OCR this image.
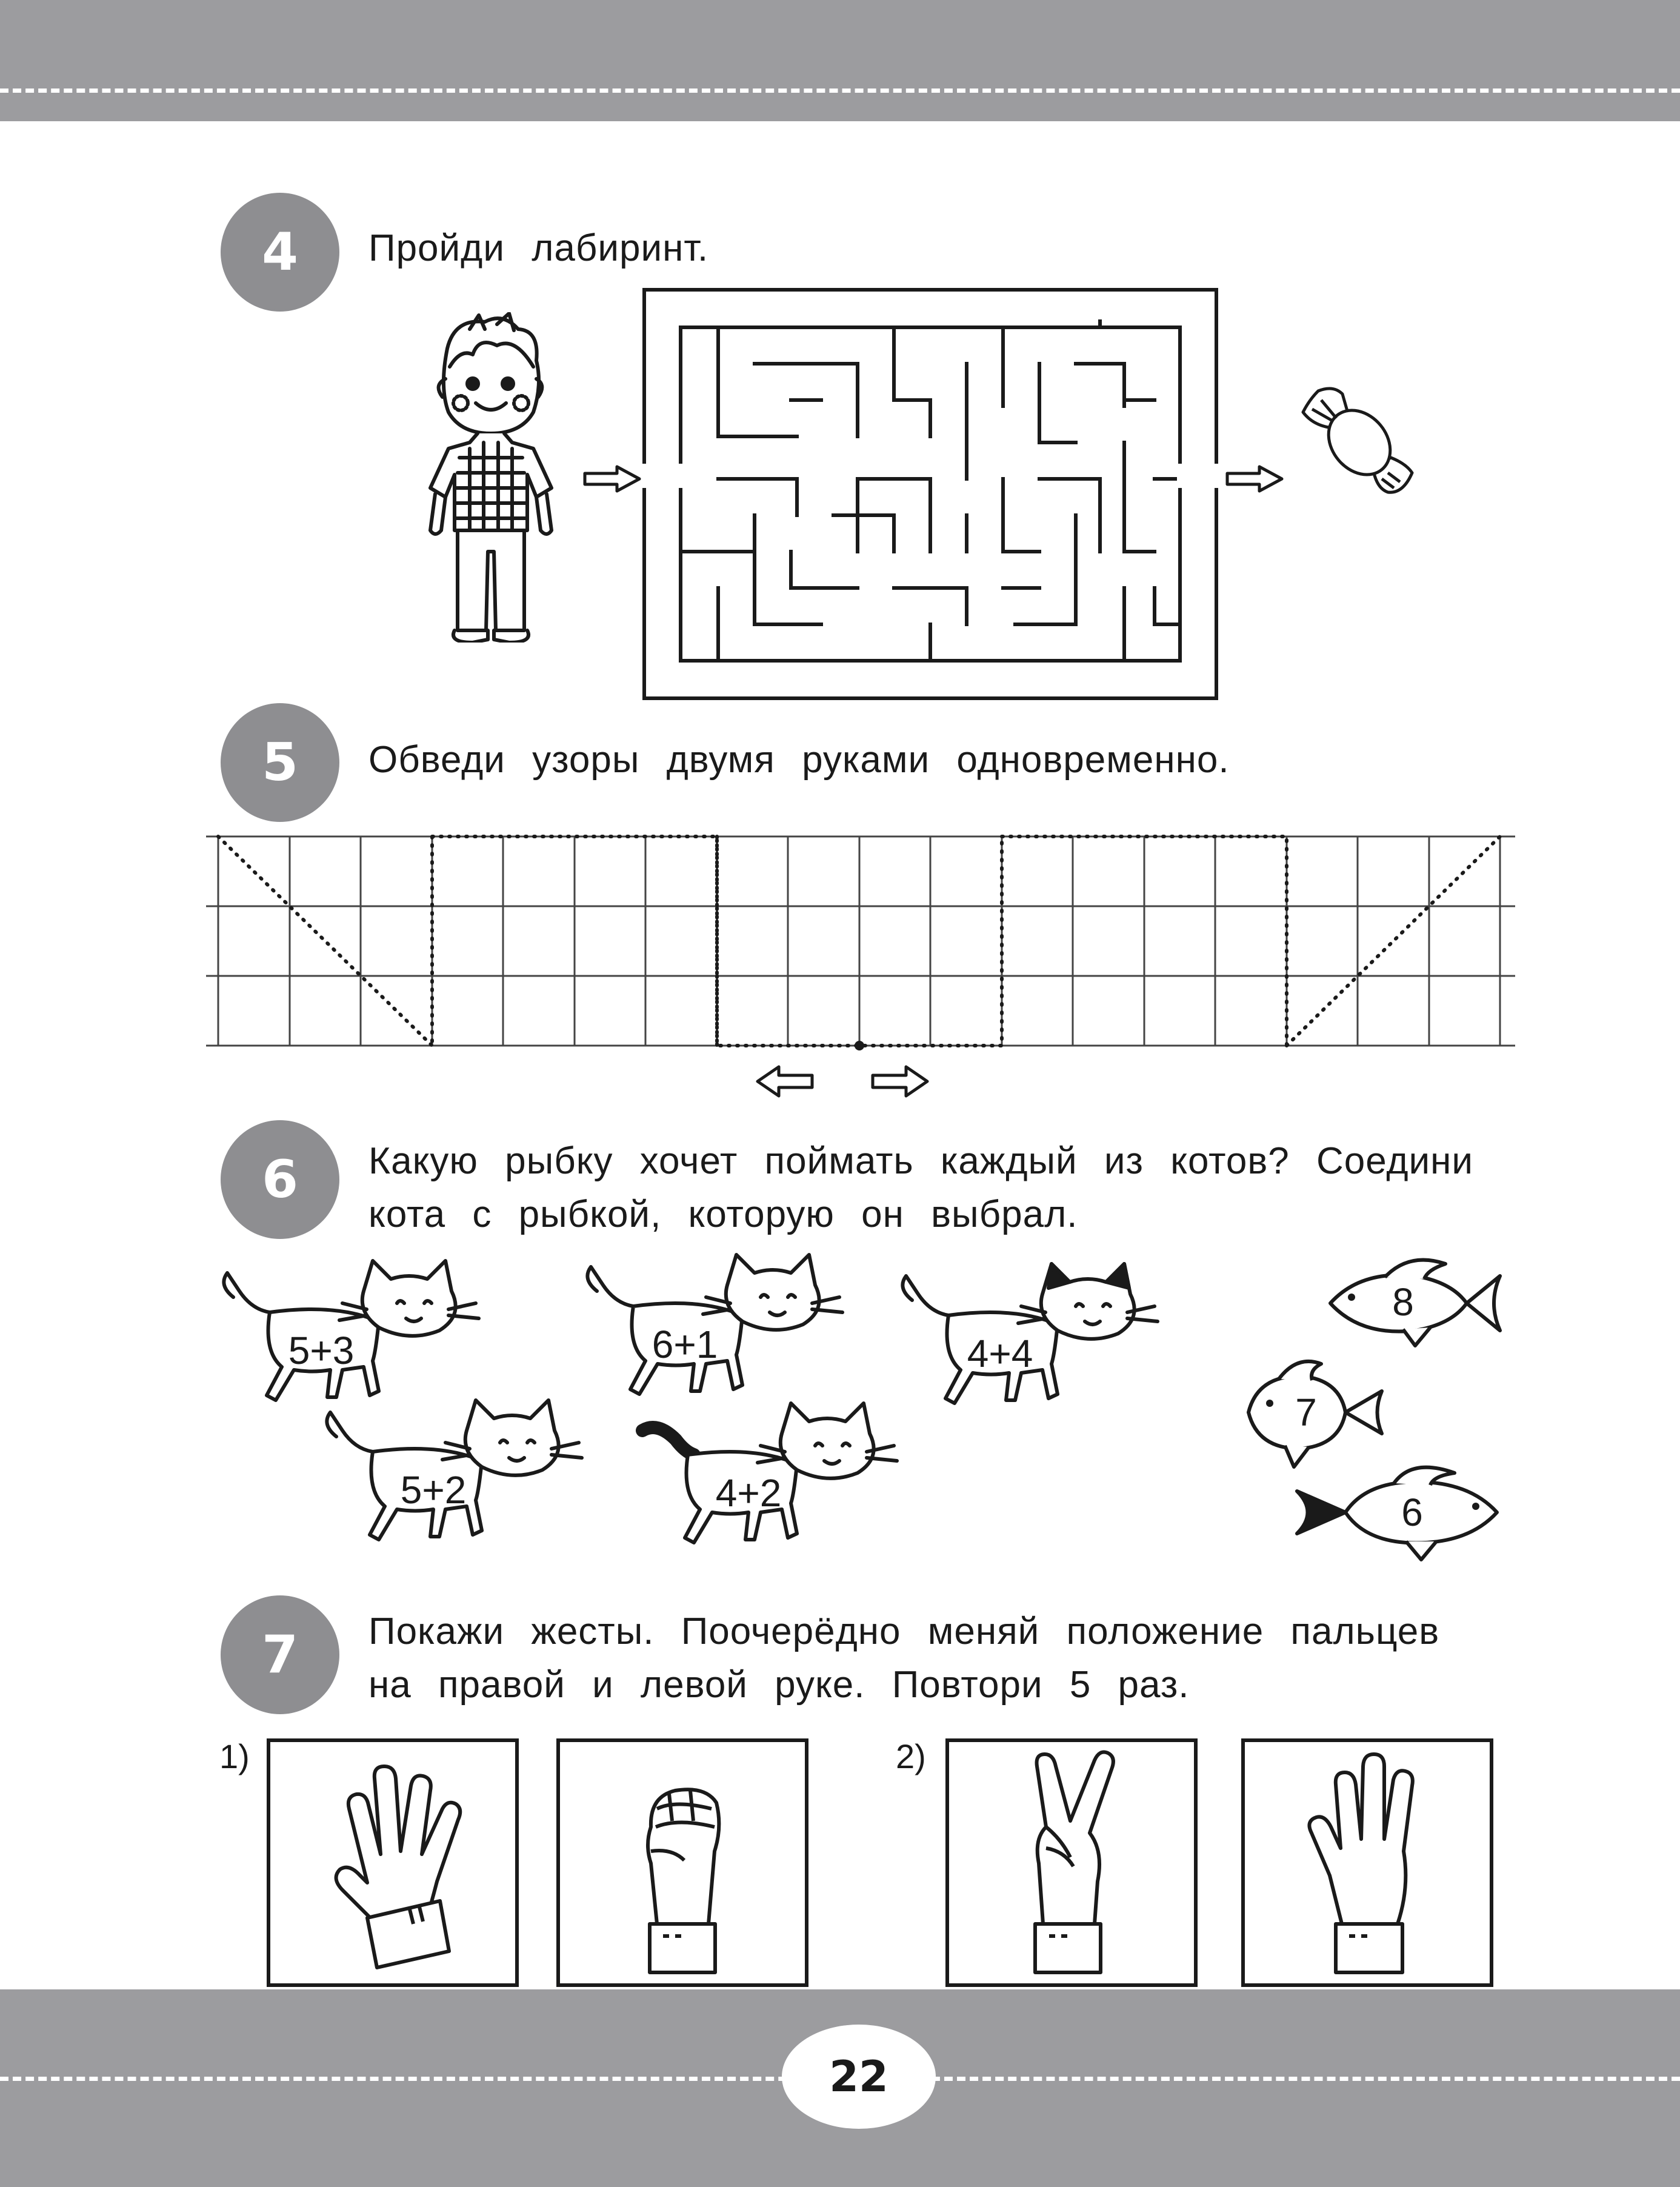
4	Пройди лабиринт.
5	Обведи узоры двумя руками одновременно.
6	Какую рыбку хочет поймать каждый из котов? Соедини
кота с рыбкой, которую он выбрал.
5+3	6+1	4+4
5+2	4+2
8
7
6
7	Покажи жесты. Поочерёдно меняй положение пальцев
на правой и левой руке. Повтори 5 раз.
1)	2)
22
